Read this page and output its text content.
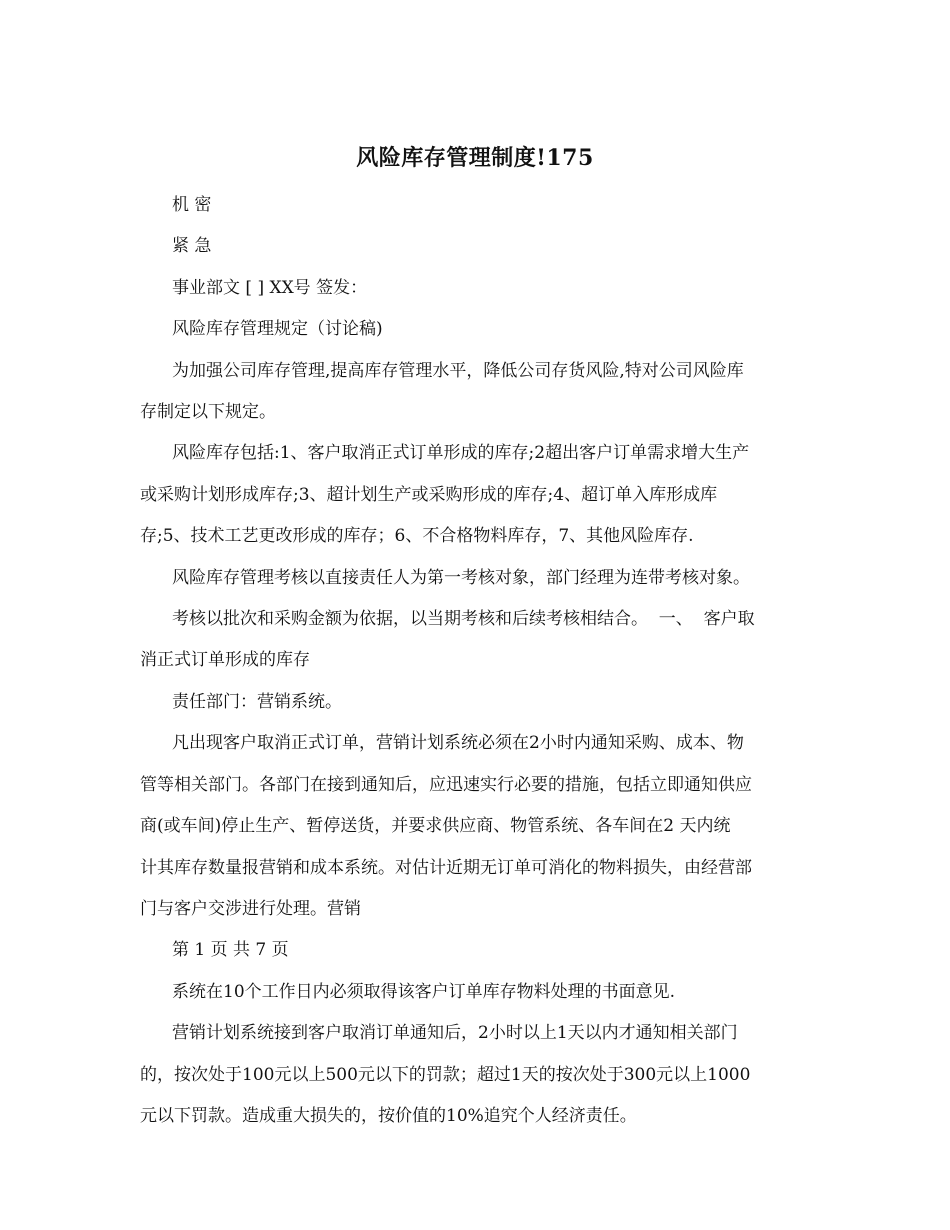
风险库存管理制度!175
机 密
紧 急
事业部文 [ ] XX号 签发：
风险库存管理规定（讨论稿)
为加强公司库存管理,提高库存管理水平，降低公司存货风险,特对公司风险库
存制定以下规定。
风险库存包括:1、客户取消正式订单形成的库存;2超出客户订单需求增大生产
或采购计划形成库存;3、超计划生产或采购形成的库存;4、超订单入库形成库
存;5、技术工艺更改形成的库存；6、不合格物料库存，7、其他风险库存.
风险库存管理考核以直接责任人为第一考核对象，部门经理为连带考核对象。
考核以批次和采购金额为依据，以当期考核和后续考核相结合。  一、  客户取
消正式订单形成的库存
责任部门：营销系统。
凡出现客户取消正式订单，营销计划系统必须在2小时内通知采购、成本、物
管等相关部门。各部门在接到通知后，应迅速实行必要的措施，包括立即通知供应
商(或车间)停止生产、暂停送货，并要求供应商、物管系统、各车间在2 天内统
计其库存数量报营销和成本系统。对估计近期无订单可消化的物料损失，由经营部
门与客户交涉进行处理。营销
第 1 页 共 7 页
系统在10个工作日内必须取得该客户订单库存物料处理的书面意见.
营销计划系统接到客户取消订单通知后，2小时以上1天以内才通知相关部门
的，按次处于100元以上500元以下的罚款；超过1天的按次处于300元以上1000
元以下罚款。造成重大损失的，按价值的10%追究个人经济责任。
